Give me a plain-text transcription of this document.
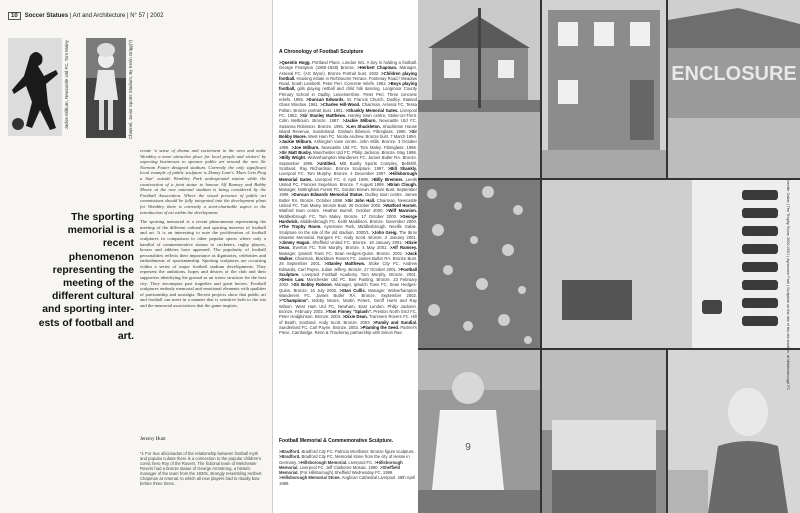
10 Soccer Statues | Art and Architecture | N° 57 | 2002
Jackie Milburn, Newcastle Utd FC, Tom Maley	Channel, Junior Sports Stadium, By Kevin Grigg(?)
The sporting memorial is a recent phenomenon representing the meeting of the different cultural and sporting inter-ests of football and art.

create 'a sense of drama and excitement in the area and make Wembley a more attractive place for local people and visitors' by expecting businesses to sponsor public art around the new Sir Norman Foster designed stadium. Currently the only significant local example of public sculpture is Danny Lane's 'Mars Gets Ping a Star' outside Wembley Park underground station while the construction of a joint statue to honour Alf Ramsey and Bobby Moore at the new national stadium is being considered by the Football Association. Where the visual presence of public art commissions should be fully integrated into the development plans for Wembley there is currently a semi-charitable aspect to the introduction of art within the development.

The sporting memorial is a recent phenomenon representing the meeting of the different cultural and sporting interests of football and art. It is an interesting to note the proliferation of football sculptures in comparison to other popular sports where only a handful of commemorative statues to cricketers, rugby players, boxers and athletes have appeared. The popularity of football personalities reflects their importance as dignitaries, celebrities and embodiments of sportsmanship. Sporting sculptures are occurring within a series of major football stadium developments. They represent the ambitions, hopes and desires of the club and their supporters identifying the ground as an iconic structure for the host city. They encompass past tragedies and great heroes. Football sculptures embody memorial and emotional elements with qualities of partisanship and nostalgia. Recent projects show that public art and football can meet in a manner that is sensitive both to the site and the memorial associations that the game inspires.

Jeremy Hunt
*1 For true aficionados of the relationship between football myth and popular culture there is a connection to the popular children's comic hero Roy of the Rovers. The fictional team of Melchester Rovers had a bronze statue of George Armstrong, a historic manager of the team from the 1930s, strongly resembling Herbert Chapman at Arsenal, to which all new players had to ritually bow before three times.
A Chronology of Football Sculpture
>Quentin Hogg. Portland Place, London W1. A boy is holding a football. George Frampton (1860-1928) Bronze. >Herbert Chapman. Manager, Arsenal FC. (AG Wyon). Bronze Portrait bust. 1932. >Children playing football. Housing estate in Richbourne Terrace. Fontenay Road / Meadow Road, South Lambeth. Peter Peri. Concrete reliefs. 1952. >Boys playing football, girls playing netball and child folk dancing. Longmoor County Primary School in Oadby, Leicestershire. Peter Peri. Three concrete reliefs. 1955. >Duncan Edwards. St. Francis Church, Dudley. Stained Glass Window. 1961. >Charles Hill-Wood. Chairman, Arsenal FC. Tessa Pullan. Bronze portrait bust. 1981. >Shankly Memorial Gates. Liverpool FC. 1982. >Sir Stanley Matthews. Hanley town centre, Stoke-on-Trent. Colin Melbourn. Bronze. 1987. >Jackie Milburn. Newcastle Utd FC. Susanna Robinson. Bronze. 1991. >Len Shackleton. Shackleton House Island Revenue, Sunderland. Graham Ibbeson. Fibreglass. 1990. >Sir Bobby Moore. West Ham FC. Nicola Andrew. Bronze bust. 7 March 1994. >Jackie Milburn. Ashington town centre. John Mills. Bronze. 3 October 1995. >Joe Milburn. Newcastle Utd FC. Tom Maley. Fibreglass. 1996. >Sir Matt Busby. Manchester Utd FC. Philip Jackson. Bronze. May 1996. >Billy Wright. Wolverhampton Wanderers FC. James Butler RA. Bronze. September 1996. >Untitled. Mitt Busby Sports Complex, Bellshill, Scotland. Ray Richardson. Bronze Sculpture. 1997. >Bill Shankly. Liverpool FC. Tom Murphy. Bronze. 4 December 1997. >Hillsborough Memorial Gates. Liverpool FC. 6 April 1999. >Billy Bremner. Leeds United FC. Frances Segelman. Bronze. 7 August 1999. >Brian Clough. Manager, Nottingham Forest FC. Gordon Brown. Bronze Bust. September 1999. >Duncan Edwards Memorial Statue. Dudley town centre. James Butler RA. Bronze. October 1999. >Sir John Hall. Chairman, Newcastle United FC. Tom Maley. Bronze Bust. 30 October 2000. >Watford Hornet. Watford town centre. Heather Burrell. October 2000. >Wilf Mannion. Middlesbrough FC. Tom Maley. Bronze. 17 October 2000. >George Hardwick. Middlesbrough FC. Keith Maddison. Bronze. November 2000. >The Trophy Room. Ayresome Park, Middlesbrough. Neville Gabie. Sculpture on the site of the old stadium. 2000/1. >John Greig. The Ibrox Disaster Memorial. Rangers FC. Andy Scott. Bronze. 2 January 2001. >Jimmy Hagan. Sheffield United FC. Bronze. 19 January 2001. >Dixie Dean. Everton FC. Tom Murphy. Bronze. 4 May 2001. >Alf Ramsey. Manager, Ipswich Town FC. Sean Hedges-Quinn. Bronze. 2001. >Jack Walker. Chairman, Blackburn Rovers FC. James Butler RA. Bronze Bust. 25 September 2001. >Stanley Matthews. Stoke City FC. Andrew Edwards, Carl Payne, Julian Jeffery. Bronze. 27 October 2001. >Football Sculpture. Liverpool Football Academy. Tom Murphy. Bronze. 2001. >Denis Law. Manchester Utd FC. Ben Panting. Bronze. 23 February 2002. >Sir Bobby Robson. Manager, Ipswich Town FC. Sean Hedges-Quinn. Bronze. 16 July 2002. >Stan Cullis. Manager, Wolverhampton Wanderers FC. James Butler RA. Bronze. September 2002. >"Champions". Bobby Moore, Martin Peters, Geoff Hurst and Ray Wilson. West Ham Utd FC, Newham, East London. Philip Jackson. Bronze. February 2003. >Tom Finney "Splash". Preston North End FC. Peter Hodgkinson. Bronze. 2003. >Dixie Dean. Tranmere Rovers FC. Hill of Beath, Scotland. Andy Scott. Bronze. 2003. >Family and Sundial. Sunderland FC. Carl Payne. Bronze. 2003. >Planting the Seed. Partner's Piece, Cambridge. Renn & Thackeray partnership with Simon Rae.
Football Memorial & Commemorative Sculpture.
>Bradford. Bradford City FC. Patricia McAllister. Bronze figure sculpture. >Bradford. Bradford City FC. Memorial stone from the city of Hesse in Germany. >Hillsborough Memorial. Liverpool FC. >Hillsborough Memorial. Liverpool FC. Jeff Claiborne Mosaic. 1990. >Sheffield Memorial. (For Hillsborough) Sheffield Wednesday FC. 1999. >Hillsborough Memorial Stone. Anglican Cathedral Liverpool. 29th April 1989.
ENCLOSURE
9
Neville Gabie | The Trophy Room 2000-2001 | Ayresome Park | Sculpture on the site of the old stadium, at Middlesbrough FC
